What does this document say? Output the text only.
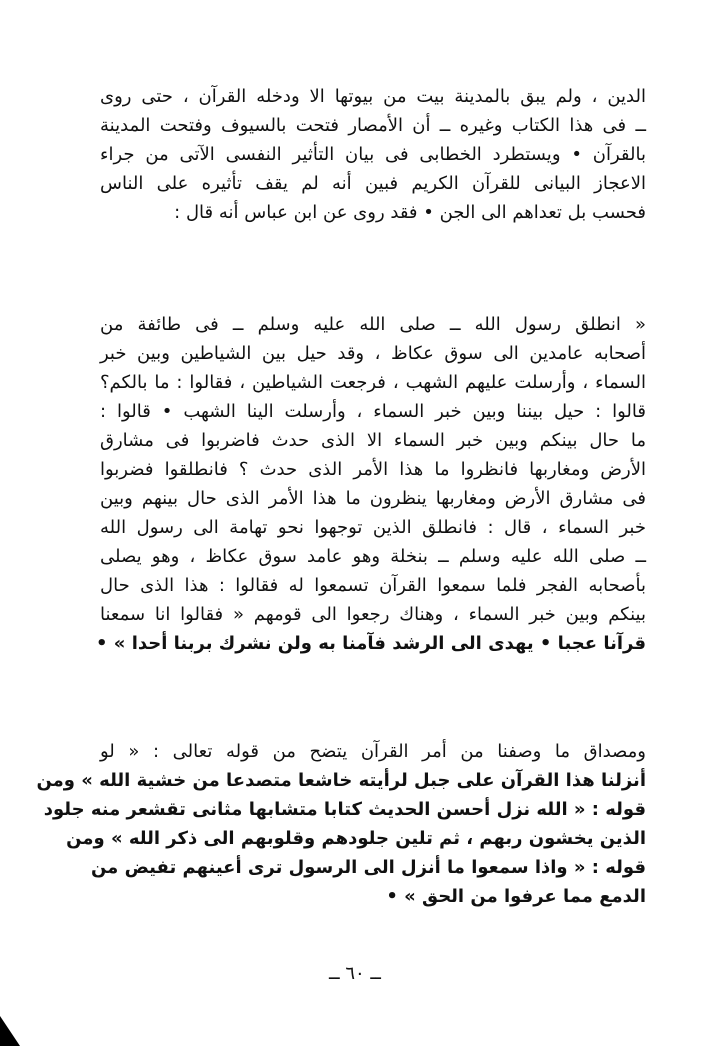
الدين ، ولم يبق بالمدينة بيت من بيوتها الا ودخله القرآن ، حتى روى
ــ فى هذا الكتاب وغيره ــ أن الأمصار فتحت بالسيوف وفتحت المدينة
بالقرآن • ويستطرد الخطابى فى بيان التأثير النفسى الآتى من جراء
الاعجاز البيانى للقرآن الكريم فبين أنه لم يقف تأثيره على الناس
فحسب بل تعداهم الى الجن • فقد روى عن ابن عباس أنه قال :
« انطلق رسول الله ــ صلى الله عليه وسلم ــ فى طائفة من
أصحابه عامدين الى سوق عكاظ ، وقد حيل بين الشياطين وبين خبر
السماء ، وأرسلت عليهم الشهب ، فرجعت الشياطين ، فقالوا : ما بالكم؟
قالوا : حيل بيننا وبين خبر السماء ، وأرسلت الينا الشهب • قالوا :
ما حال بينكم وبين خبر السماء الا الذى حدث فاضربوا فى مشارق
الأرض ومغاربها فانظروا ما هذا الأمر الذى حدث ؟ فانطلقوا فضربوا
فى مشارق الأرض ومغاربها ينظرون ما هذا الأمر الذى حال بينهم وبين
خبر السماء ، قال : فانطلق الذين توجهوا نحو تهامة الى رسول الله
ــ صلى الله عليه وسلم ــ بنخلة وهو عامد سوق عكاظ ، وهو يصلى
بأصحابه الفجر فلما سمعوا القرآن تسمعوا له فقالوا : هذا الذى حال
بينكم وبين خبر السماء ، وهناك رجعوا الى قومهم « فقالوا انا سمعنا
قرآنا عجبا • يهدى الى الرشد فآمنا به ولن نشرك بربنا أحدا » •
ومصداق ما وصفنا من أمر القرآن يتضح من قوله تعالى : « لو
أنزلنا هذا القرآن على جبل لرأيته خاشعا متصدعا من خشية الله » ومن
قوله : « الله نزل أحسن الحديث كتابا متشابها مثانى تقشعر منه جلود
الذين يخشون ربهم ، ثم تلين جلودهم وقلوبهم الى ذكر الله » ومن
قوله : « واذا سمعوا ما أنزل الى الرسول ترى أعينهم تفيض من
الدمع مما عرفوا من الحق » •
ــ ٦٠ ــ
